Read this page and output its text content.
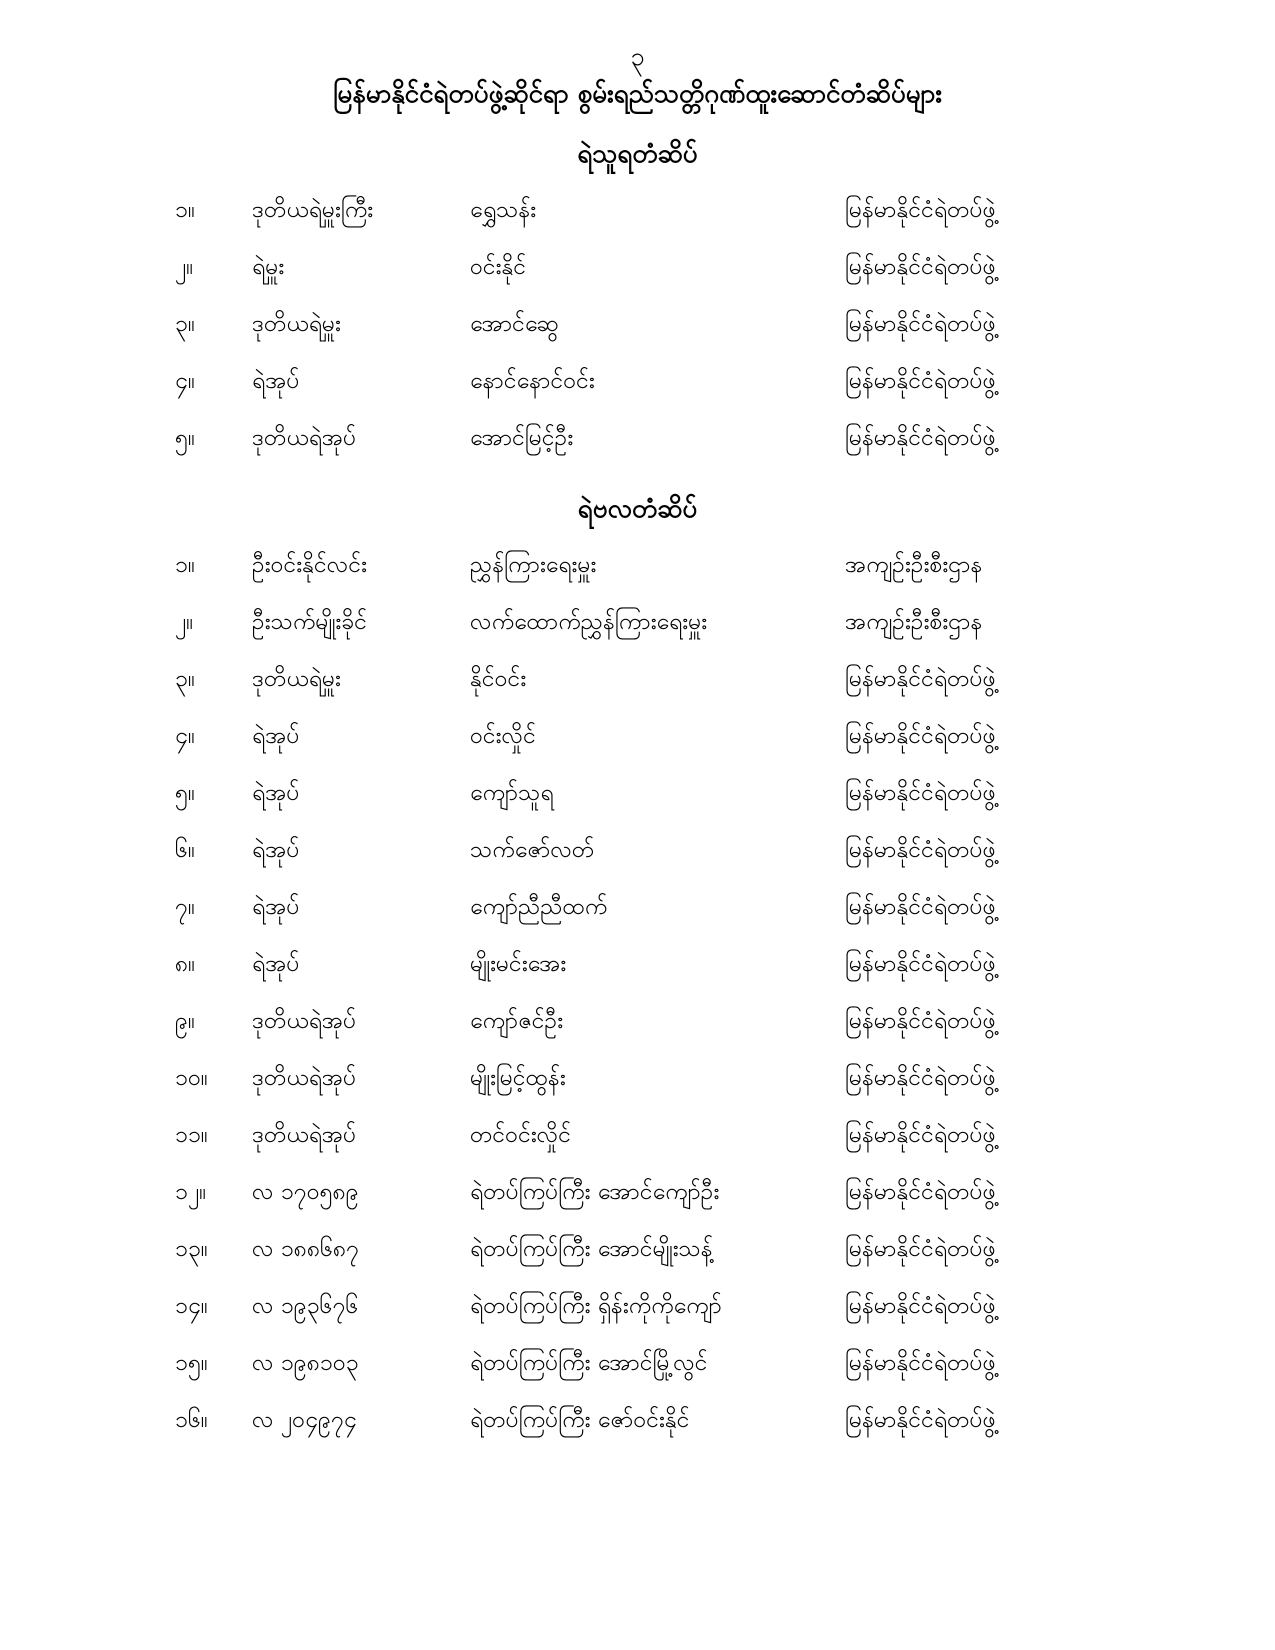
၃
မြန်မာနိုင်ငံရဲတပ်ဖွဲ့ဆိုင်ရာ စွမ်းရည်သတ္တိဂုဏ်ထူးဆောင်တံဆိပ်များ
ရဲသူရတံဆိပ်
၁။	ဒုတိယရဲမှူးကြီး	ရွှေသန်း	မြန်မာနိုင်ငံရဲတပ်ဖွဲ့
၂။	ရဲမှူး	ဝင်းနိုင်	မြန်မာနိုင်ငံရဲတပ်ဖွဲ့
၃။	ဒုတိယရဲမှူး	အောင်ဆွေ	မြန်မာနိုင်ငံရဲတပ်ဖွဲ့
၄။	ရဲအုပ်	နောင်နောင်ဝင်း	မြန်မာနိုင်ငံရဲတပ်ဖွဲ့
၅။	ဒုတိယရဲအုပ်	အောင်မြင့်ဦး	မြန်မာနိုင်ငံရဲတပ်ဖွဲ့
ရဲဗလတံဆိပ်
၁။	ဦးဝင်းနိုင်လင်း	ညွှန်ကြားရေးမှူး	အကျဉ်းဦးစီးဌာန
၂။	ဦးသက်မျိုးခိုင်	လက်ထောက်ညွှန်ကြားရေးမှူး	အကျဉ်းဦးစီးဌာန
၃။	ဒုတိယရဲမှူး	နိုင်ဝင်း	မြန်မာနိုင်ငံရဲတပ်ဖွဲ့
၄။	ရဲအုပ်	ဝင်းလှိုင်	မြန်မာနိုင်ငံရဲတပ်ဖွဲ့
၅။	ရဲအုပ်	ကျော်သူရ	မြန်မာနိုင်ငံရဲတပ်ဖွဲ့
၆။	ရဲအုပ်	သက်ဇော်လတ်	မြန်မာနိုင်ငံရဲတပ်ဖွဲ့
၇။	ရဲအုပ်	ကျော်ညီညီထက်	မြန်မာနိုင်ငံရဲတပ်ဖွဲ့
၈။	ရဲအုပ်	မျိုးမင်းအေး	မြန်မာနိုင်ငံရဲတပ်ဖွဲ့
၉။	ဒုတိယရဲအုပ်	ကျော်ဇင်ဦး	မြန်မာနိုင်ငံရဲတပ်ဖွဲ့
၁၀။	ဒုတိယရဲအုပ်	မျိုးမြင့်ထွန်း	မြန်မာနိုင်ငံရဲတပ်ဖွဲ့
၁၁။	ဒုတိယရဲအုပ်	တင်ဝင်းလှိုင်	မြန်မာနိုင်ငံရဲတပ်ဖွဲ့
၁၂။	လ ၁၇၀၅၈၉	ရဲတပ်ကြပ်ကြီး အောင်ကျော်ဦး	မြန်မာနိုင်ငံရဲတပ်ဖွဲ့
၁၃။	လ ၁၈၈၆၈၇	ရဲတပ်ကြပ်ကြီး အောင်မျိုးသန့်	မြန်မာနိုင်ငံရဲတပ်ဖွဲ့
၁၄။	လ ၁၉၃၆၇၆	ရဲတပ်ကြပ်ကြီး ရှိန်းကိုကိုကျော်	မြန်မာနိုင်ငံရဲတပ်ဖွဲ့
၁၅။	လ ၁၉၈၁၀၃	ရဲတပ်ကြပ်ကြီး အောင်မြို့လွင်	မြန်မာနိုင်ငံရဲတပ်ဖွဲ့
၁၆။	လ ၂၀၄၉၇၄	ရဲတပ်ကြပ်ကြီး ဇော်ဝင်းနိုင်	မြန်မာနိုင်ငံရဲတပ်ဖွဲ့
